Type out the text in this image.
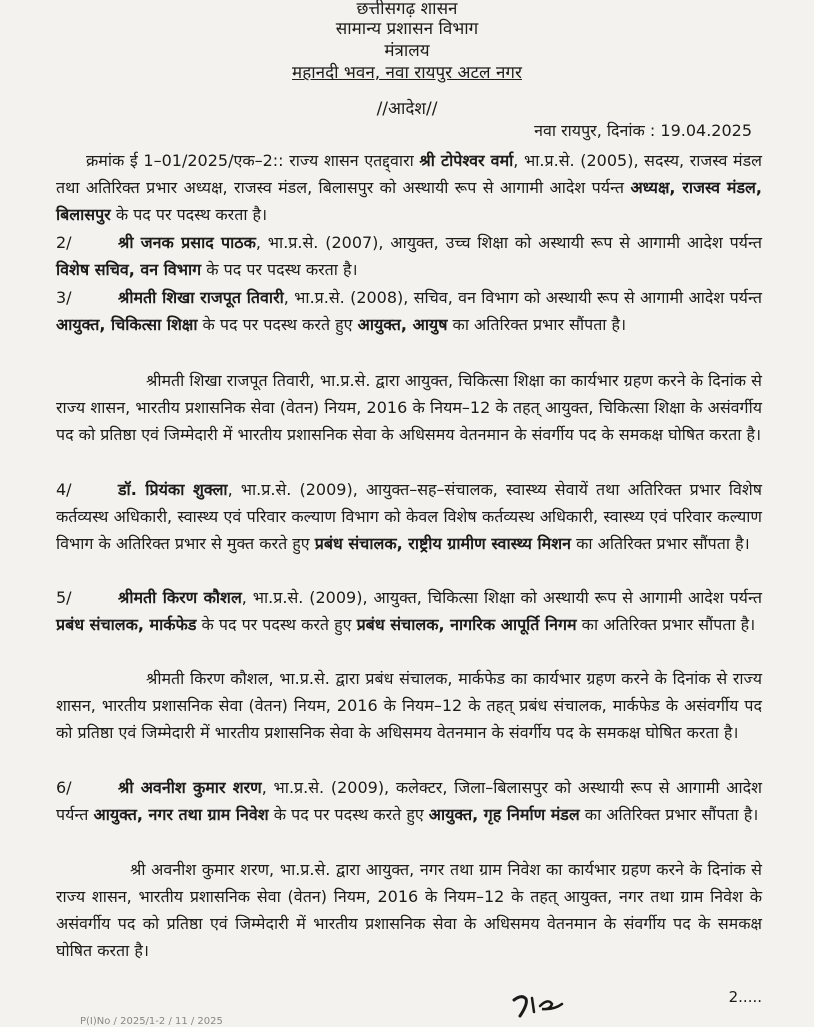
छत्तीसगढ़ शासन
सामान्य प्रशासन विभाग
मंत्रालय
महानदी भवन, नवा रायपुर अटल नगर
//आदेश//
नवा रायपुर, दिनांक : 19.04.2025
क्रमांक ई 1–01/2025/एक–2:: राज्य शासन एतद्द्वारा श्री टोपेश्वर वर्मा, भा.प्र.से. (2005), सदस्य, राजस्व मंडल तथा अतिरिक्त प्रभार अध्यक्ष, राजस्व मंडल, बिलासपुर को अस्थायी रूप से आगामी आदेश पर्यन्त अध्यक्ष, राजस्व मंडल, बिलासपुर के पद पर पदस्थ करता है।
2/	श्री जनक प्रसाद पाठक, भा.प्र.से. (2007), आयुक्त, उच्च शिक्षा को अस्थायी रूप से आगामी आदेश पर्यन्त विशेष सचिव, वन विभाग के पद पर पदस्थ करता है।
3/	श्रीमती शिखा राजपूत तिवारी, भा.प्र.से. (2008), सचिव, वन विभाग को अस्थायी रूप से आगामी आदेश पर्यन्त आयुक्त, चिकित्सा शिक्षा के पद पर पदस्थ करते हुए आयुक्त, आयुष का अतिरिक्त प्रभार सौंपता है।
श्रीमती शिखा राजपूत तिवारी, भा.प्र.से. द्वारा आयुक्त, चिकित्सा शिक्षा का कार्यभार ग्रहण करने के दिनांक से राज्य शासन, भारतीय प्रशासनिक सेवा (वेतन) नियम, 2016 के नियम–12 के तहत् आयुक्त, चिकित्सा शिक्षा के असंवर्गीय पद को प्रतिष्ठा एवं जिम्मेदारी में भारतीय प्रशासनिक सेवा के अधिसमय वेतनमान के संवर्गीय पद के समकक्ष घोषित करता है।
4/	डॉ. प्रियंका शुक्ला, भा.प्र.से. (2009), आयुक्त–सह–संचालक, स्वास्थ्य सेवायें तथा अतिरिक्त प्रभार विशेष कर्तव्यस्थ अधिकारी, स्वास्थ्य एवं परिवार कल्याण विभाग को केवल विशेष कर्तव्यस्थ अधिकारी, स्वास्थ्य एवं परिवार कल्याण विभाग के अतिरिक्त प्रभार से मुक्त करते हुए प्रबंध संचालक, राष्ट्रीय ग्रामीण स्वास्थ्य मिशन का अतिरिक्त प्रभार सौंपता है।
5/	श्रीमती किरण कौशल, भा.प्र.से. (2009), आयुक्त, चिकित्सा शिक्षा को अस्थायी रूप से आगामी आदेश पर्यन्त प्रबंध संचालक, मार्कफेड के पद पर पदस्थ करते हुए प्रबंध संचालक, नागरिक आपूर्ति निगम का अतिरिक्त प्रभार सौंपता है।
श्रीमती किरण कौशल, भा.प्र.से. द्वारा प्रबंध संचालक, मार्कफेड का कार्यभार ग्रहण करने के दिनांक से राज्य शासन, भारतीय प्रशासनिक सेवा (वेतन) नियम, 2016 के नियम–12 के तहत् प्रबंध संचालक, मार्कफेड के असंवर्गीय पद को प्रतिष्ठा एवं जिम्मेदारी में भारतीय प्रशासनिक सेवा के अधिसमय वेतनमान के संवर्गीय पद के समकक्ष घोषित करता है।
6/	श्री अवनीश कुमार शरण, भा.प्र.से. (2009), कलेक्टर, जिला–बिलासपुर को अस्थायी रूप से आगामी आदेश पर्यन्त आयुक्त, नगर तथा ग्राम निवेश के पद पर पदस्थ करते हुए आयुक्त, गृह निर्माण मंडल का अतिरिक्त प्रभार सौंपता है।
श्री अवनीश कुमार शरण, भा.प्र.से. द्वारा आयुक्त, नगर तथा ग्राम निवेश का कार्यभार ग्रहण करने के दिनांक से राज्य शासन, भारतीय प्रशासनिक सेवा (वेतन) नियम, 2016 के नियम–12 के तहत् आयुक्त, नगर तथा ग्राम निवेश के असंवर्गीय पद को प्रतिष्ठा एवं जिम्मेदारी में भारतीय प्रशासनिक सेवा के अधिसमय वेतनमान के संवर्गीय पद के समकक्ष घोषित करता है।
2.....
P(I)No / 2025/1-2 / 11 / 2025
